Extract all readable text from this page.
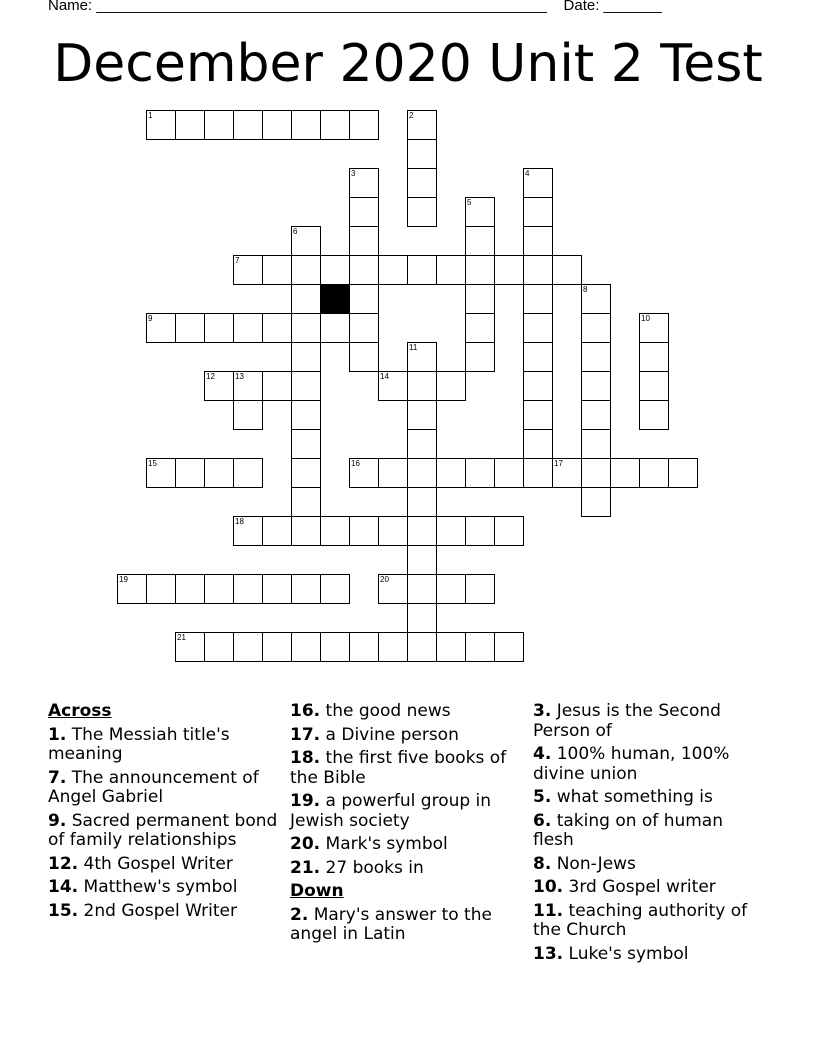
Name: ______________________________________________________ Date: _______
December 2020 Unit 2 Test
1	2
3	4
5
6
7
8
9	10
11
12	13	14
15	16	17
18
19	20
21

Across

1. The Messiah title's meaning

7. The announcement of Angel Gabriel

9. Sacred permanent bond of family relationships

12. 4th Gospel Writer

14. Matthew's symbol

15. 2nd Gospel Writer

16. the good news

17. a Divine person

18. the first five books of the Bible

19. a powerful group in Jewish society

20. Mark's symbol

21. 27 books in

Down

2. Mary's answer to the angel in Latin

3. Jesus is the Second Person of

4. 100% human, 100% divine union

5. what something is

6. taking on of human flesh

8. Non-Jews

10. 3rd Gospel writer

11. teaching authority of the Church

13. Luke's symbol
